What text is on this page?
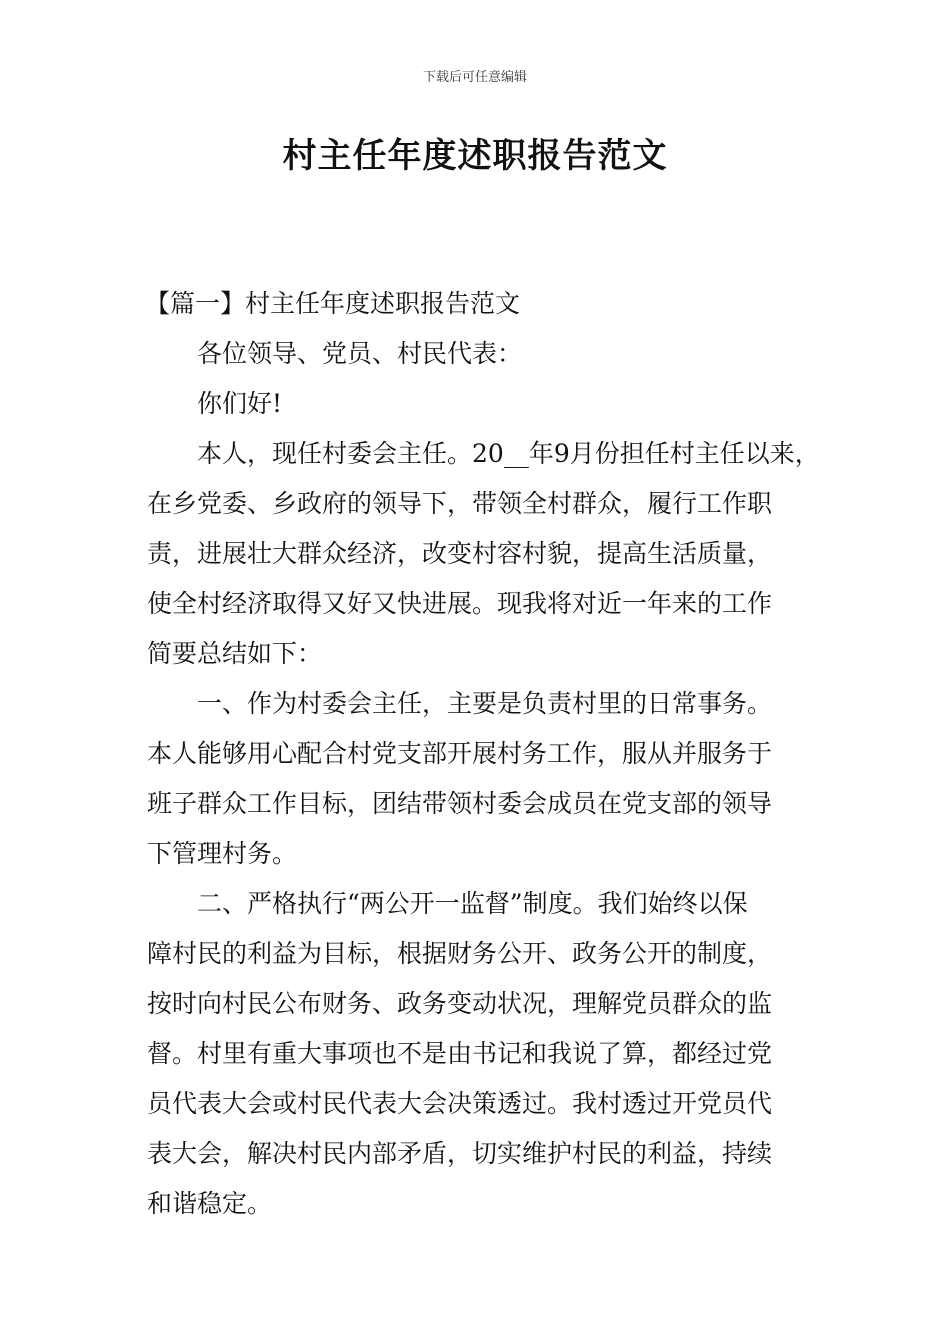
下载后可任意编辑
村主任年度述职报告范文
【篇一】村主任年度述职报告范文
各位领导、党员、村民代表：
你们好!
本人，现任村委会主任。20__年9月份担任村主任以来，
在乡党委、乡政府的领导下，带领全村群众，履行工作职
责，进展壮大群众经济，改变村容村貌，提高生活质量，
使全村经济取得又好又快进展。现我将对近一年来的工作
简要总结如下：
一、作为村委会主任，主要是负责村里的日常事务。
本人能够用心配合村党支部开展村务工作，服从并服务于
班子群众工作目标，团结带领村委会成员在党支部的领导
下管理村务。
二、严格执行“两公开一监督”制度。我们始终以保
障村民的利益为目标，根据财务公开、政务公开的制度，
按时向村民公布财务、政务变动状况，理解党员群众的监
督。村里有重大事项也不是由书记和我说了算，都经过党
员代表大会或村民代表大会决策透过。我村透过开党员代
表大会，解决村民内部矛盾，切实维护村民的利益，持续
和谐稳定。
